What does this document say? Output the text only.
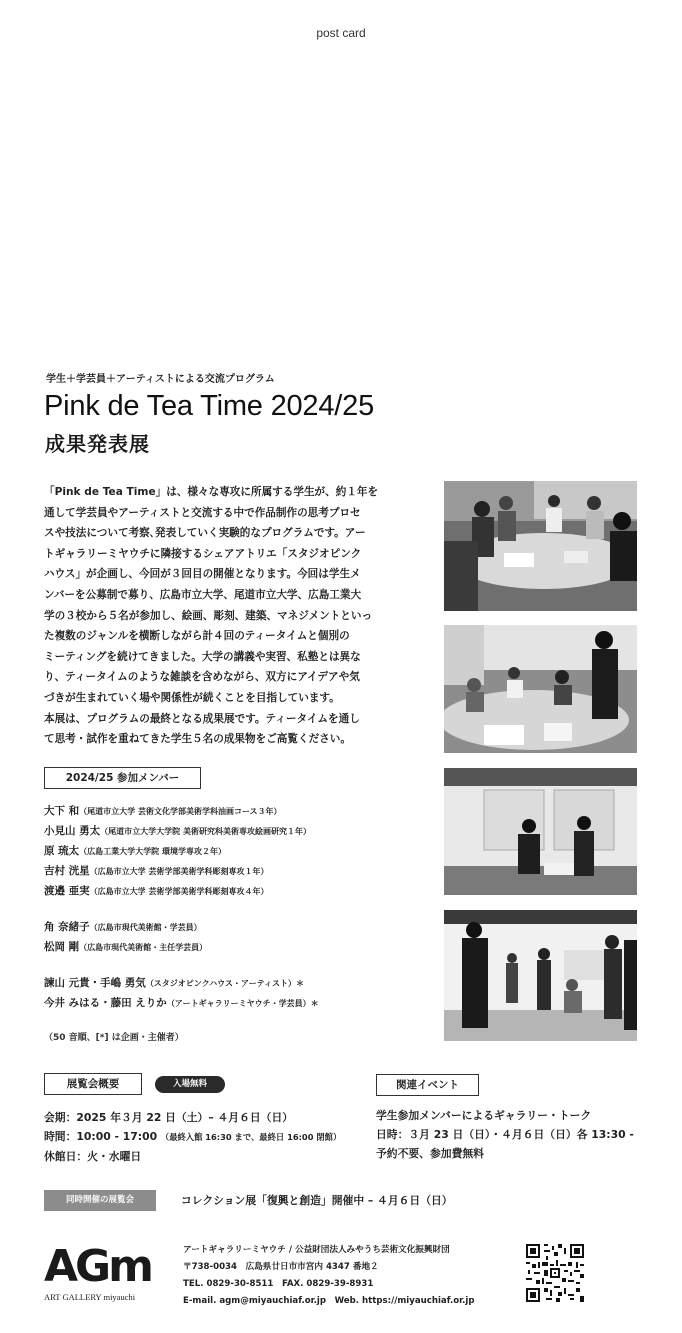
post card
学生＋学芸員＋アーティストによる交流プログラム
Pink de Tea Time 2024/25
成果発表展

「Pink de Tea Time」は、様々な専攻に所属する学生が、約１年を

通して学芸員やアーティストと交流する中で作品制作の思考プロセ

スや技法について考察､発表していく実験的なプログラムです。アー

トギャラリーミヤウチに隣接するシェアアトリエ「スタジオピンク

ハウス」が企画し、今回が３回目の開催となります。今回は学生メ

ンバーを公募制で募り、広島市立大学、尾道市立大学、広島工業大

学の３校から５名が参加し、絵画、彫刻、建築、マネジメントといっ

た複数のジャンルを横断しながら計４回のティータイムと個別の

ミーティングを続けてきました。大学の講義や実習、私塾とは異な

り、ティータイムのような雑談を含めながら、双方にアイデアや気

づきが生まれていく場や関係性が続くことを目指しています。

本展は、プログラムの最終となる成果展です。ティータイムを通し

て思考・試作を重ねてきた学生５名の成果物をご高覧ください。

2024/25 参加メンバー
大下 和（尾道市立大学 芸術文化学部美術学科油画コース３年）
小見山 勇太（尾道市立大学大学院 美術研究科美術専攻絵画研究１年）
原 琉太（広島工業大学大学院 環境学専攻２年）
吉村 洸星（広島市立大学 芸術学部美術学科彫刻専攻１年）
渡邉 亜実（広島市立大学 芸術学部美術学科彫刻専攻４年）
角 奈緒子（広島市現代美術館・学芸員）
松岡 剛（広島市現代美術館・主任学芸員）
諫山 元貴・手嶋 勇気（スタジオピンクハウス・アーティスト）＊
今井 みはる・藤田 えりか（アートギャラリーミヤウチ・学芸員）＊
（50 音順、[*] は企画・主催者）
展覧会概要	入場無料
会期：2025 年３月 22 日（土）– ４月６日（日）
時間：10:00 - 17:00 （最終入館 16:30 まで、最終日 16:00 閉館）
休館日：火・水曜日
関連イベント
学生参加メンバーによるギャラリー・トーク
日時：３月 23 日（日）・４月６日（日）各 13:30 -
予約不要、参加費無料
同時開催の展覧会	コレクション展「復興と創造」開催中 – ４月６日（日）
AGm
ART GALLERY miyauchi
アートギャラリーミヤウチ / 公益財団法人みやうち芸術文化振興財団
〒738-0034　広島県廿日市市宮内 4347 番地２
TEL. 0829-30-8511　FAX. 0829-39-8931
E-mail. agm@miyauchiaf.or.jp　Web. https://miyauchiaf.or.jp
